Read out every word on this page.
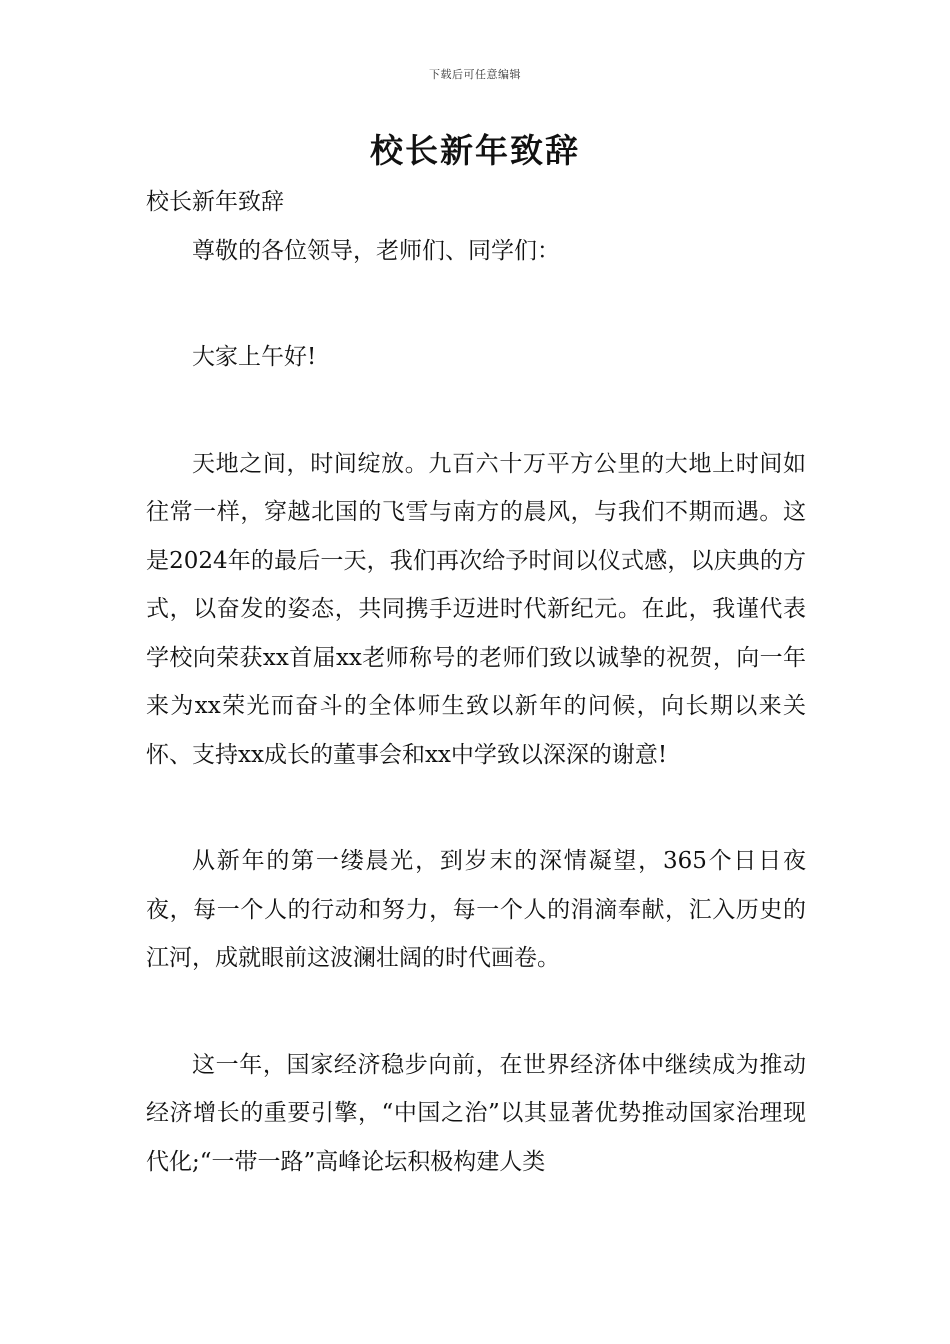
下载后可任意编辑
校长新年致辞

校长新年致辞

尊敬的各位领导，老师们、同学们：

大家上午好!

天地之间，时间绽放。九百六十万平方公里的大地上时间如往常一样，穿越北国的飞雪与南方的晨风，与我们不期而遇。这是2024年的最后一天，我们再次给予时间以仪式感，以庆典的方式，以奋发的姿态，共同携手迈进时代新纪元。在此，我谨代表学校向荣获xx首届xx老师称号的老师们致以诚挚的祝贺，向一年来为xx荣光而奋斗的全体师生致以新年的问候，向长期以来关怀、支持xx成长的董事会和xx中学致以深深的谢意!

从新年的第一缕晨光，到岁末的深情凝望，365个日日夜夜，每一个人的行动和努力，每一个人的涓滴奉献，汇入历史的江河，成就眼前这波澜壮阔的时代画卷。

这一年，国家经济稳步向前，在世界经济体中继续成为推动经济增长的重要引擎，“中国之治”以其显著优势推动国家治理现代化;“一带一路”高峰论坛积极构建人类
